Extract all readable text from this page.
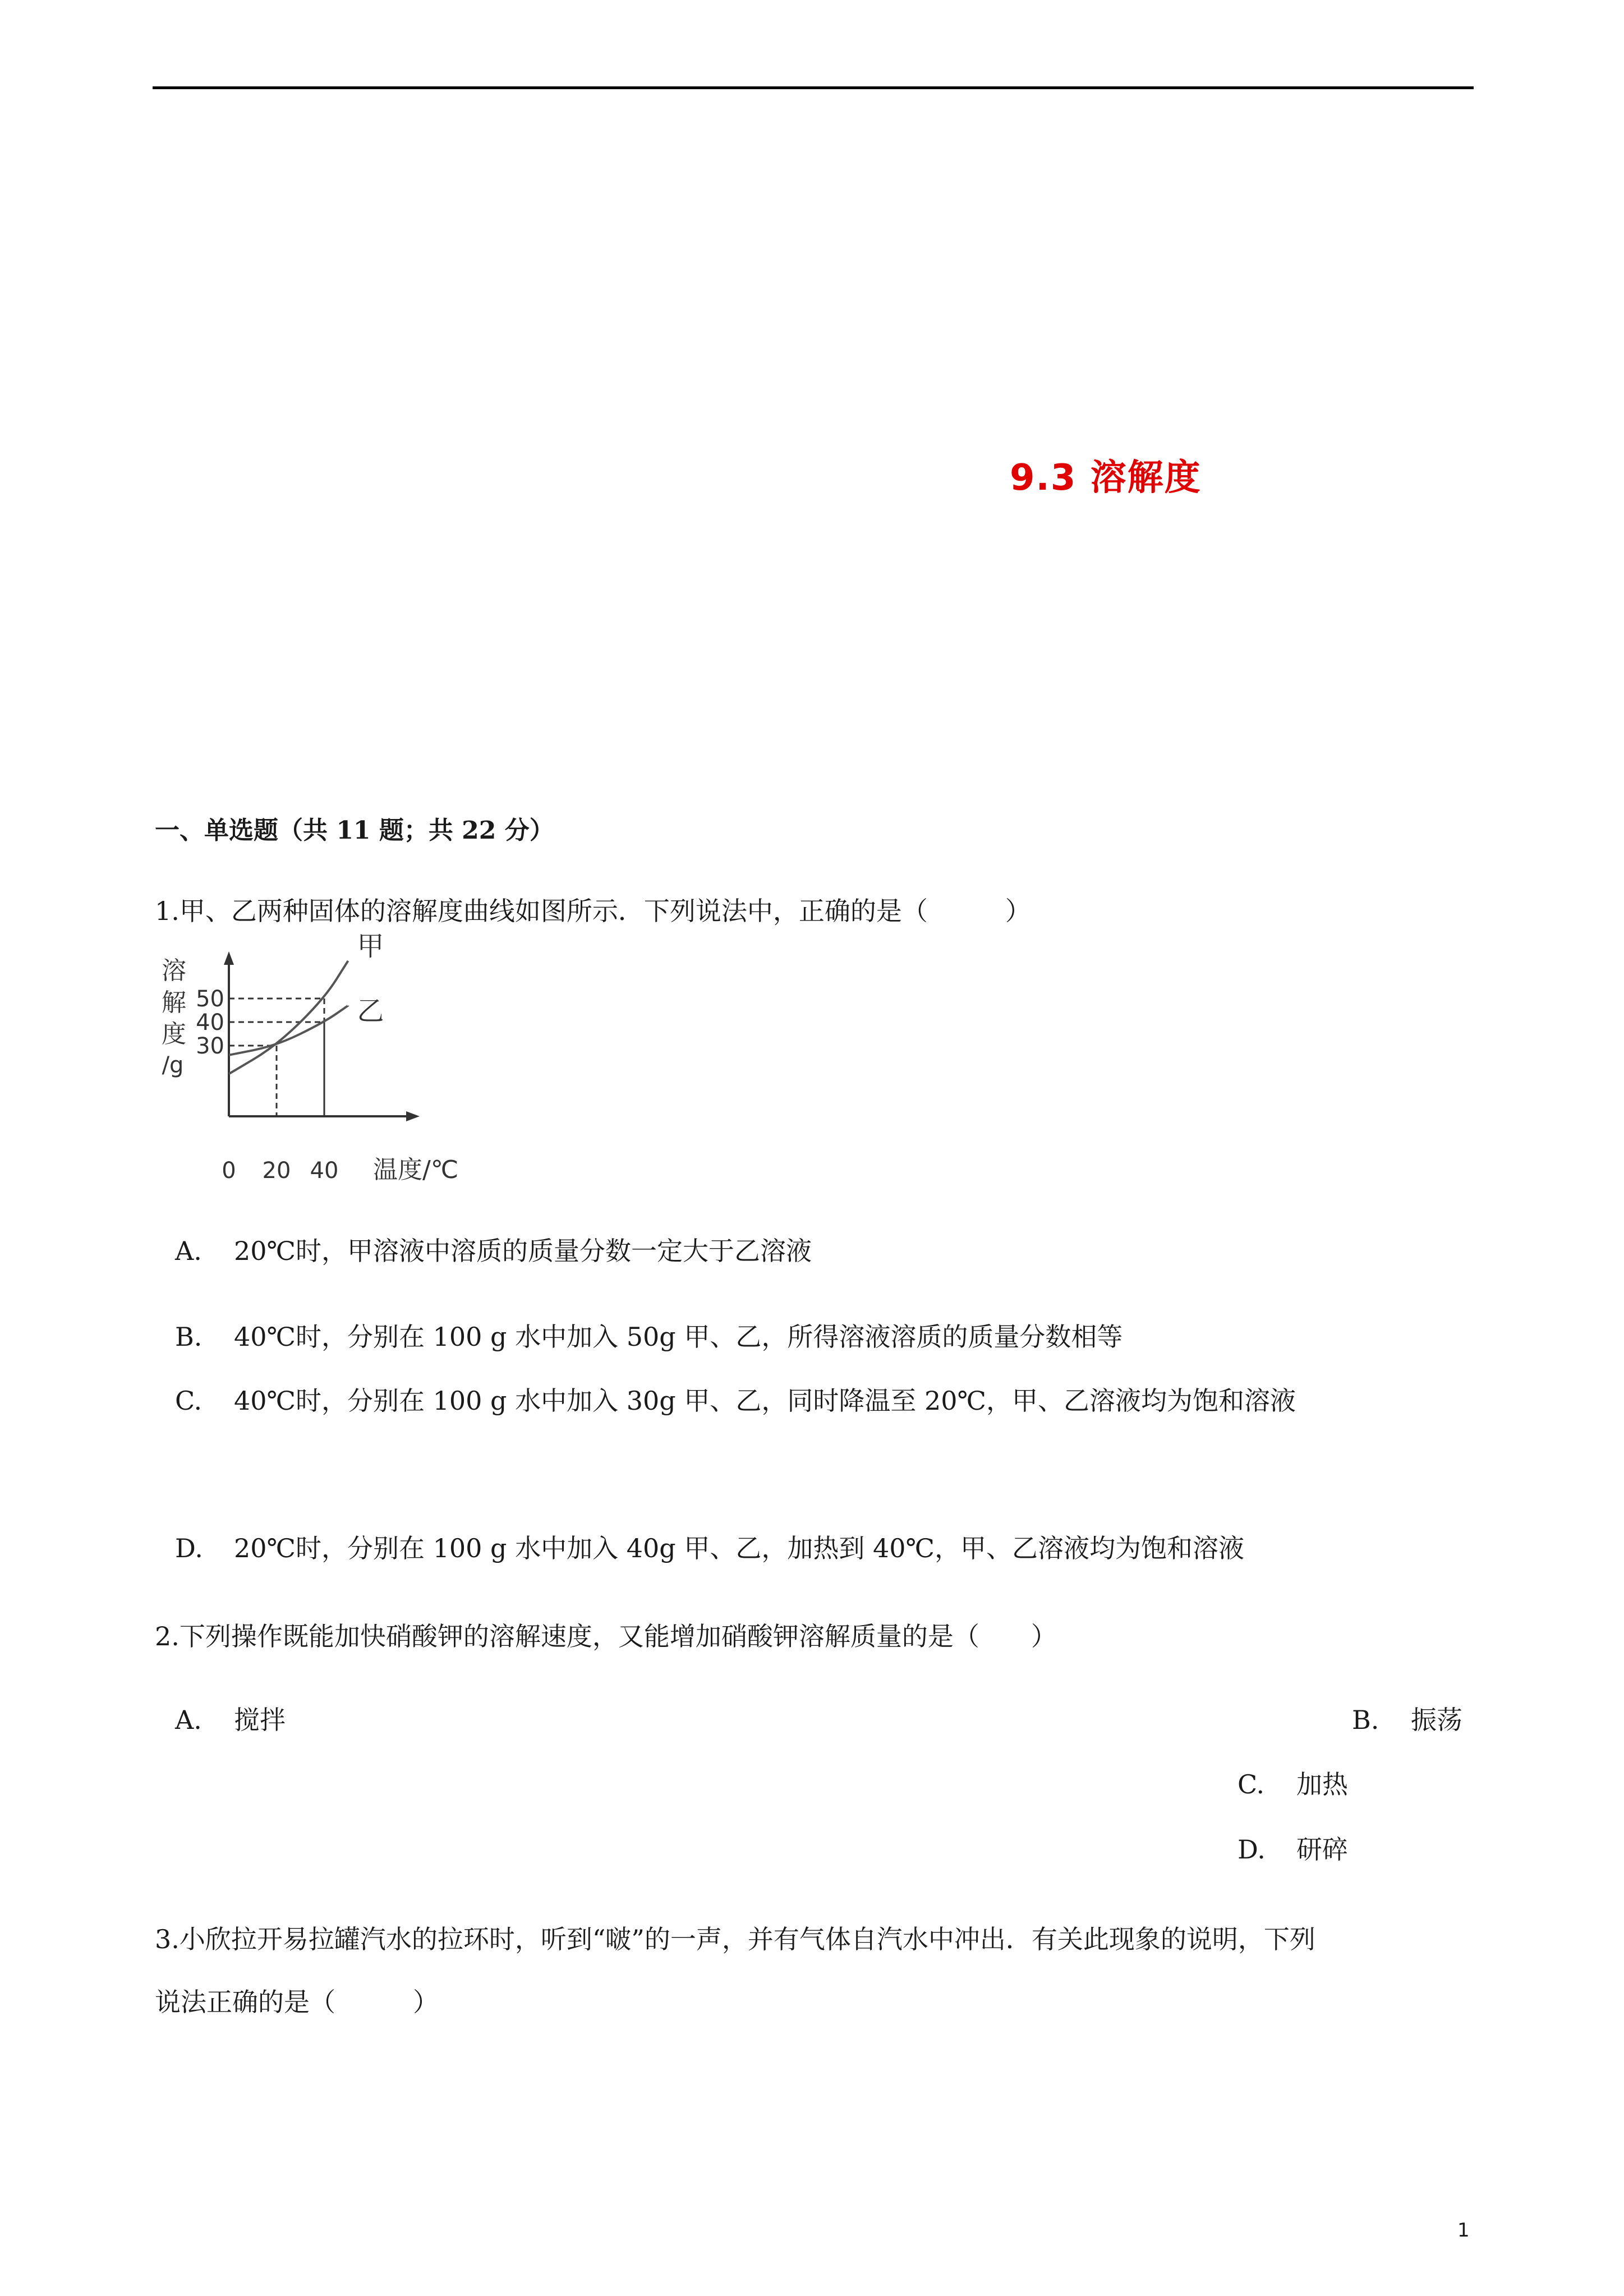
9.3 溶解度
一、单选题（共 11 题；共 22 分）
1.甲、乙两种固体的溶解度曲线如图所示．下列说法中，正确的是（　　　）
溶
解
度
/g
30
40
50
0 20 40 温度/℃
甲
乙
A. 20℃时，甲溶液中溶质的质量分数一定大于乙溶液
B. 40℃时，分别在 100 g 水中加入 50g 甲、乙，所得溶液溶质的质量分数相等
C. 40℃时，分别在 100 g 水中加入 30g 甲、乙，同时降温至 20℃，甲、乙溶液均为饱和溶液
D. 20℃时，分别在 100 g 水中加入 40g 甲、乙，加热到 40℃，甲、乙溶液均为饱和溶液
2.下列操作既能加快硝酸钾的溶解速度，又能增加硝酸钾溶解质量的是（　　）
A. 搅拌	B. 振荡
C. 加热
D. 研碎
3.小欣拉开易拉罐汽水的拉环时，听到“啵”的一声，并有气体自汽水中冲出．有关此现象的说明，下列
说法正确的是（　　　）
1
